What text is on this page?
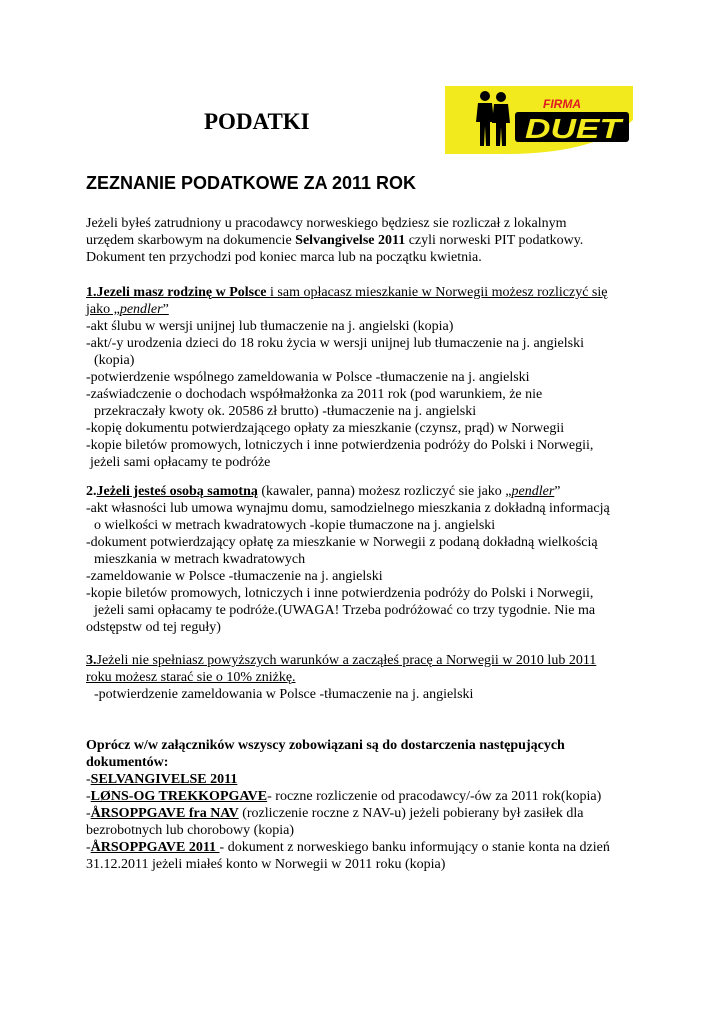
PODATKI
FIRMA
DUET
ZEZNANIE PODATKOWE ZA 2011 ROK
Jeżeli byłeś zatrudniony u pracodawcy norweskiego będziesz sie rozliczał z lokalnym
urzędem skarbowym na dokumencie Selvangivelse 2011 czyli norweski PIT podatkowy.
Dokument ten przychodzi pod koniec marca lub na początku kwietnia.
1.Jezeli masz rodzinę w Polsce i sam opłacasz mieszkanie w Norwegii możesz rozliczyć się
jako „pendler”
-akt ślubu w wersji unijnej lub tłumaczenie na j. angielski (kopia)
-akt/-y urodzenia dzieci do 18 roku życia w wersji unijnej lub tłumaczenie na j. angielski
(kopia)
-potwierdzenie wspólnego zameldowania w Polsce -tłumaczenie na j. angielski
-zaświadczenie o dochodach współmałżonka za 2011 rok (pod warunkiem, że nie
przekraczały kwoty ok. 20586 zł brutto) -tłumaczenie na j. angielski
-kopię dokumentu potwierdzającego opłaty za mieszkanie (czynsz, prąd) w Norwegii
-kopie biletów promowych, lotniczych i inne potwierdzenia podróży do Polski i Norwegii,
jeżeli sami opłacamy te podróże
2.Jeżeli jesteś osobą samotną (kawaler, panna) możesz rozliczyć sie jako „pendler”
-akt własności lub umowa wynajmu domu, samodzielnego mieszkania z dokładną informacją
o wielkości w metrach kwadratowych -kopie tłumaczone na j. angielski
-dokument potwierdzający opłatę za mieszkanie w Norwegii z podaną dokładną wielkością
mieszkania w metrach kwadratowych
-zameldowanie w Polsce -tłumaczenie na j. angielski
-kopie biletów promowych, lotniczych i inne potwierdzenia podróży do Polski i Norwegii,
jeżeli sami opłacamy te podróże.(UWAGA! Trzeba podróżować co trzy tygodnie. Nie ma
odstępstw od tej reguły)
3.Jeżeli nie spełniasz powyższych warunków a zacząłeś pracę a Norwegii w 2010 lub 2011
roku możesz starać sie o 10% zniżkę.
-potwierdzenie zameldowania w Polsce -tłumaczenie na j. angielski
Oprócz w/w załączników wszyscy zobowiązani są do dostarczenia następujących
dokumentów:
-SELVANGIVELSE 2011
-LØNS-OG TREKKOPGAVE- roczne rozliczenie od pracodawcy/-ów za 2011 rok(kopia)
-ÅRSOPPGAVE fra NAV (rozliczenie roczne z NAV-u) jeżeli pobierany był zasiłek dla
bezrobotnych lub chorobowy (kopia)
-ÅRSOPPGAVE 2011 - dokument z norweskiego banku informujący o stanie konta na dzień
31.12.2011 jeżeli miałeś konto w Norwegii w 2011 roku (kopia)
